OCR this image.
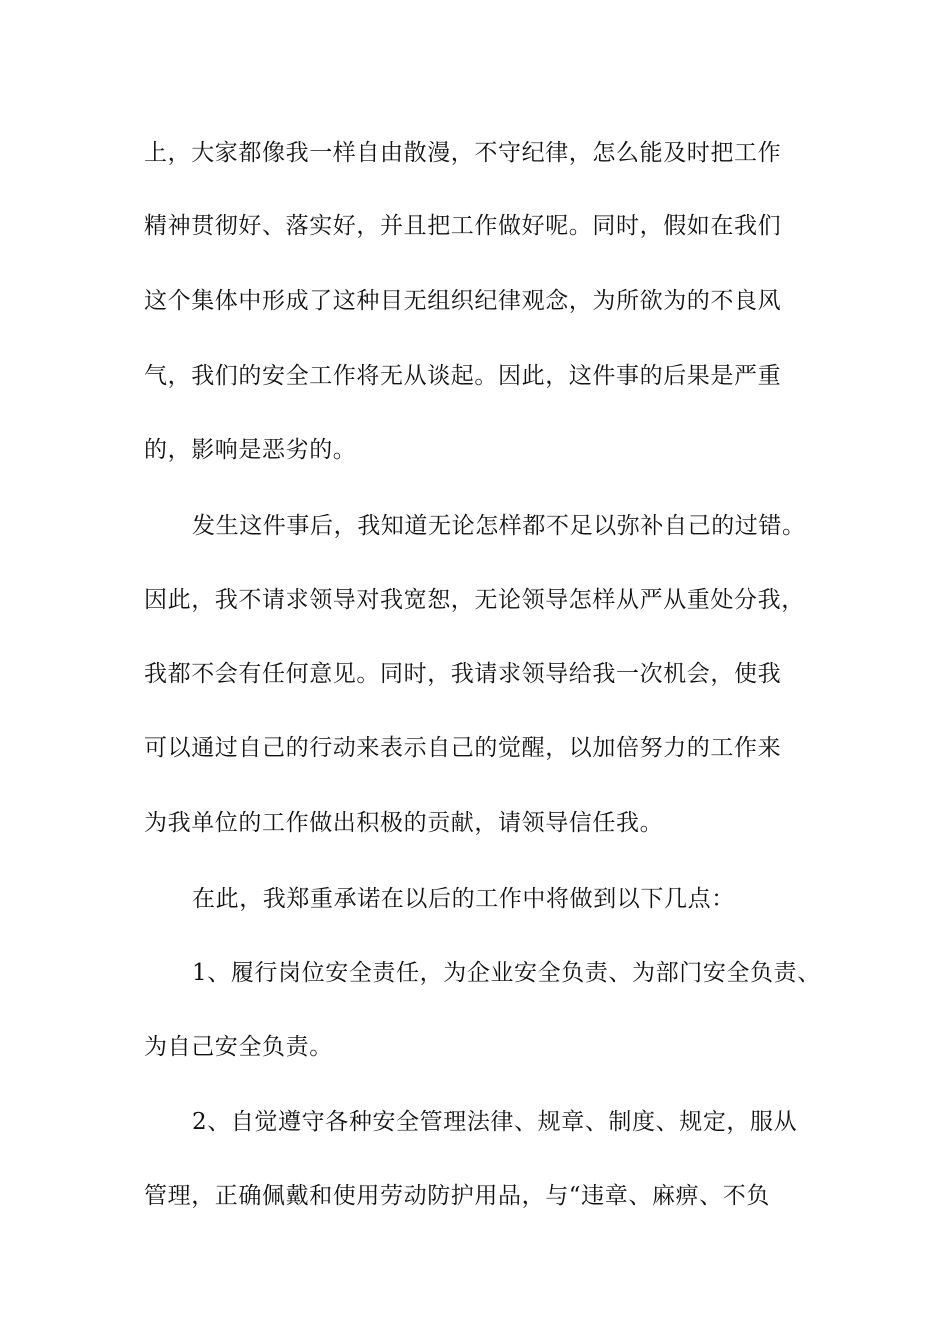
上，大家都像我一样自由散漫，不守纪律，怎么能及时把工作
精神贯彻好、落实好，并且把工作做好呢。同时，假如在我们
这个集体中形成了这种目无组织纪律观念，为所欲为的不良风
气，我们的安全工作将无从谈起。因此，这件事的后果是严重
的，影响是恶劣的。
发生这件事后，我知道无论怎样都不足以弥补自己的过错。
因此，我不请求领导对我宽恕，无论领导怎样从严从重处分我，
我都不会有任何意见。同时，我请求领导给我一次机会，使我
可以通过自己的行动来表示自己的觉醒，以加倍努力的工作来
为我单位的工作做出积极的贡献，请领导信任我。
在此，我郑重承诺在以后的工作中将做到以下几点：
1、履行岗位安全责任，为企业安全负责、为部门安全负责、
为自己安全负责。
2、自觉遵守各种安全管理法律、规章、制度、规定，服从
管理，正确佩戴和使用劳动防护用品，与“违章、麻痹、不负
